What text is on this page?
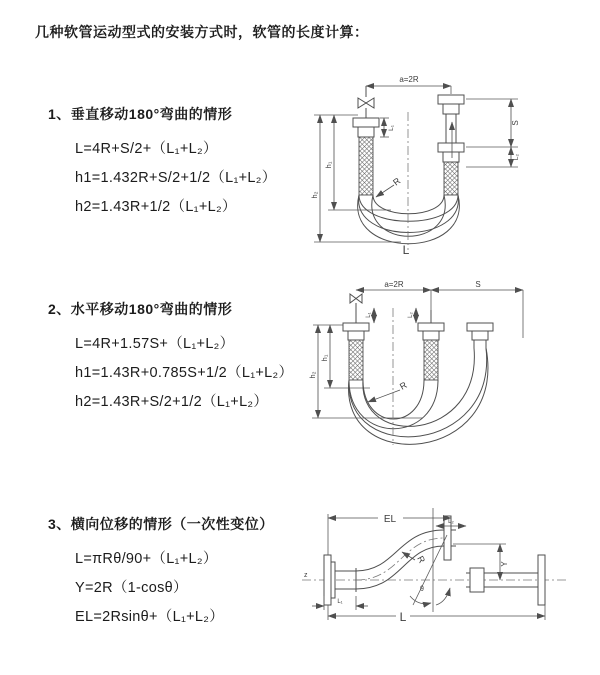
几种软管运动型式的安装方式时，软管的长度计算：
1、垂直移动180°弯曲的情形
L=4R+S/2+（L₁+L₂）
h1=1.432R+S/2+1/2（L₁+L₂）
h2=1.43R+1/2（L₁+L₂）
a=2R
h₁
h₂
L₁
S
L₂
R
L
2、水平移动180°弯曲的情形
L=4R+1.57S+（L₁+L₂）
h1=1.43R+0.785S+1/2（L₁+L₂）
h2=1.43R+S/2+1/2（L₁+L₂）
a=2R	S
L₁	L₂
h₁
h₂
R
3、横向位移的情形（一次性变位）
L=πRθ/90+（L₁+L₂）
Y=2R（1-cosθ）
EL=2Rsinθ+（L₁+L₂）
z
θ
R
EL	L₂
Y
L₁
L
